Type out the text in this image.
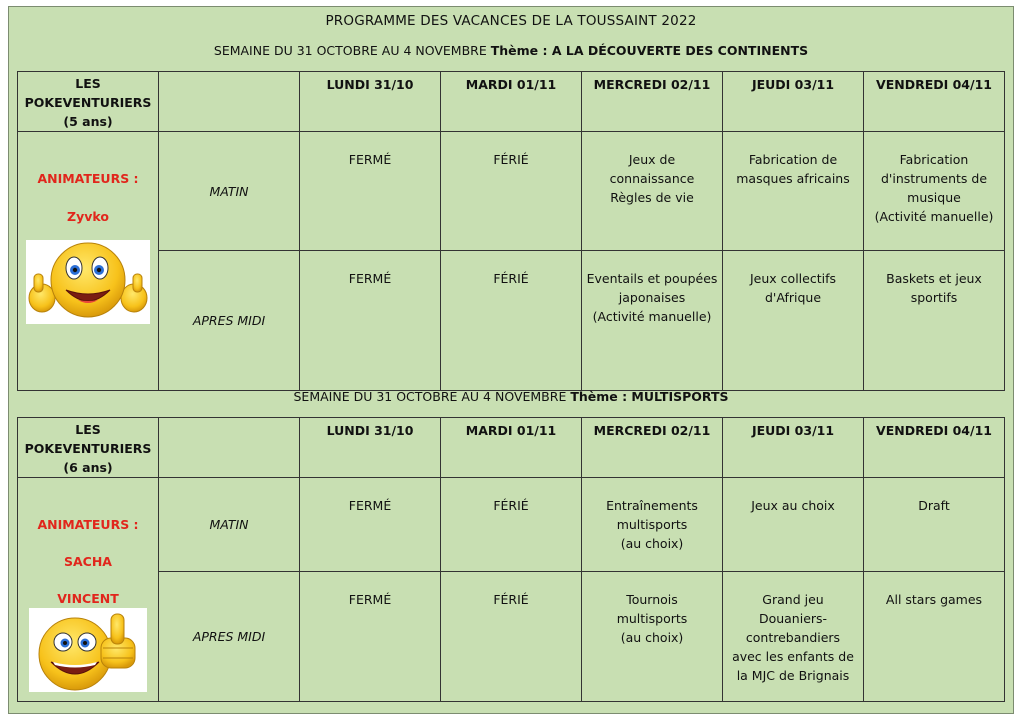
PROGRAMME DES VACANCES DE LA TOUSSAINT 2022
SEMAINE DU 31 OCTOBRE AU 4 NOVEMBRE Thème : A LA DÉCOUVERTE DES CONTINENTS
LES
POKEVENTURIERS
(5 ans)		LUNDI 31/10	MARDI 01/11	MERCREDI 02/11	JEUDI 03/11	VENDREDI 04/11

ANIMATEURS :
Zyvko	MATIN	FERMÉ	FÉRIÉ	Jeux de
connaissance
Règles de vie	Fabrication de
masques africains	Fabrication
d'instruments de
musique
(Activité manuelle)

	APRES MIDI	FERMÉ	FÉRIÉ	Eventails et poupées
japonaises
(Activité manuelle)	Jeux collectifs
d'Afrique	Baskets et jeux
sportifs
SEMAINE DU 31 OCTOBRE AU 4 NOVEMBRE Thème : MULTISPORTS
LES
POKEVENTURIERS
(6 ans)		LUNDI 31/10	MARDI 01/11	MERCREDI 02/11	JEUDI 03/11	VENDREDI 04/11

ANIMATEURS :
SACHA
VINCENT	MATIN	FERMÉ	FÉRIÉ	Entraînements
multisports
(au choix)	Jeux au choix	Draft

	APRES MIDI	FERMÉ	FÉRIÉ	Tournois
multisports
(au choix)	Grand jeu
Douaniers-
contrebandiers
avec les enfants de
la MJC de Brignais	All stars games
